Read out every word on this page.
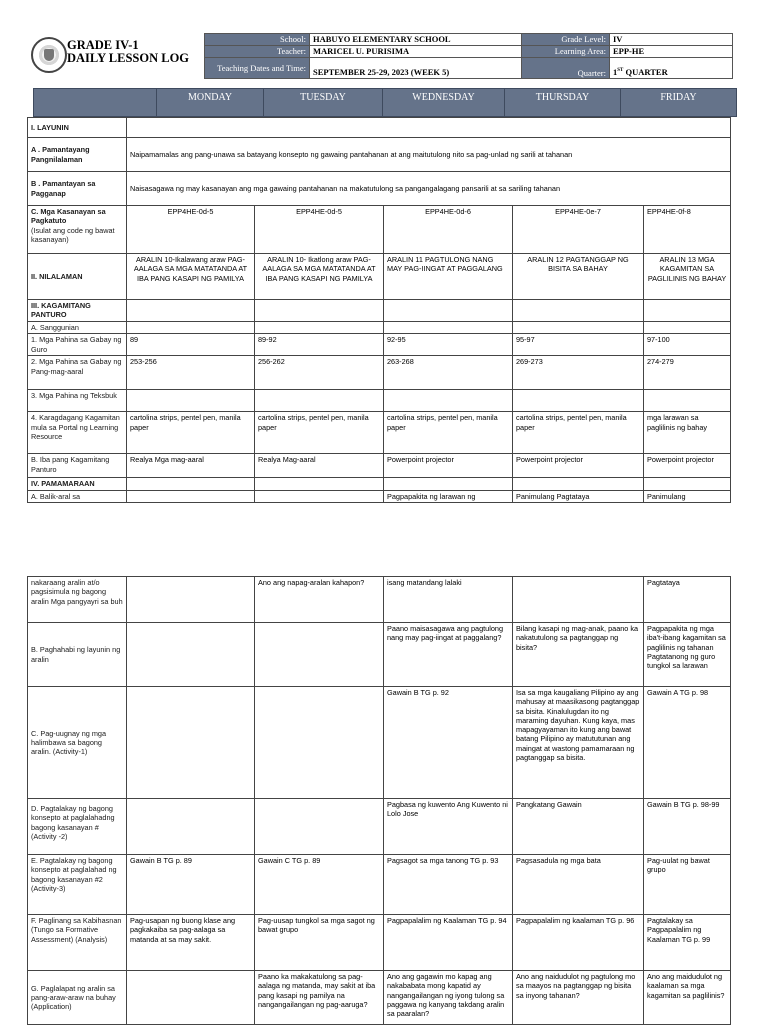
GRADE IV-1
DAILY LESSON LOG
School:	HABUYO ELEMENTARY SCHOOL
Teacher:	MARICEL U. PURISIMA
Teaching Dates and Time:	SEPTEMBER 25-29, 2023 (WEEK 5)
Grade Level:	IV
Learning Area:	EPP-HE
Quarter:	1ST QUARTER
	MONDAY	TUESDAY	WEDNESDAY	THURSDAY	FRIDAY
I. LAYUNIN					
A . Pamantayang Pangnilalaman	Naipamamalas ang pang-unawa sa batayang konsepto ng gawaing pantahanan at ang maitutulong nito sa pag-unlad ng sarili at tahanan				
B . Pamantayan sa Pagganap	Naisasagawa ng may kasanayan ang mga gawaing pantahanan na makatutulong sa pangangalagang pansarili at sa sariling tahanan				
C. Mga Kasanayan sa Pagkatuto
(Isulat ang code ng bawat kasanayan)	EPP4HE-0d-5	EPP4HE-0d-5	EPP4HE-0d-6	EPP4HE-0e-7	EPP4HE-0f-8
II. NILALAMAN	ARALIN 10-Ikalawang araw PAG-AALAGA SA MGA MATATANDA AT IBA PANG KASAPI NG PAMILYA	ARALIN 10- Ikatlong araw PAG-AALAGA SA MGA MATATANDA AT IBA PANG KASAPI NG PAMILYA	ARALIN 11 PAGTULONG NANG MAY PAG-IINGAT AT PAGGALANG	ARALIN 12 PAGTANGGAP NG BISITA SA BAHAY	ARALIN 13 MGA KAGAMITAN SA PAGLILINIS NG BAHAY
III. KAGAMITANG PANTURO					
A. Sanggunian					
1. Mga Pahina sa Gabay ng Guro	89	89-92	92-95	95-97	97-100
2. Mga Pahina sa Gabay ng Pang-mag-aaral	253-256	256-262	263-268	269-273	274-279
3. Mga Pahina ng Teksbuk					
4. Karagdagang Kagamitan mula sa Portal ng Learning Resource	cartolina strips, pentel pen, manila paper	cartolina strips, pentel pen, manila paper	cartolina strips, pentel pen, manila paper	cartolina strips, pentel pen, manila paper	mga larawan sa paglilinis ng bahay
B. Iba pang Kagamitang Panturo	Realya Mga mag-aaral	Realya Mag-aaral	Powerpoint projector	Powerpoint projector	Powerpoint projector
IV. PAMAMARAAN					
A. Balik-aral sa			Pagpapakita ng larawan ng	Panimulang Pagtataya	Panimulang
nakaraang aralin at/o pagsisimula ng bagong aralin Mga pangyayri sa buh		Ano ang napag-aralan kahapon?	isang matandang lalaki		Pagtataya
B. Paghahabi ng layunin ng aralin			Paano maisasagawa ang pagtulong nang may pag-iingat at paggalang?	Bilang kasapi ng mag-anak, paano ka nakatutulong sa pagtanggap ng bisita?	Pagpapakita ng mga iba't-ibang kagamitan sa paglilinis ng tahanan Pagtatanong ng guro tungkol sa larawan
C. Pag-uugnay ng mga halimbawa sa bagong aralin. (Activity-1)			Gawain B TG p. 92	Isa sa mga kaugaliang Pilipino ay ang mahusay at maasikasong pagtanggap sa bisita. Kinalulugdan ito ng maraming dayuhan. Kung kaya, mas mapagyayaman ito kung ang bawat batang Pilipino ay matututunan ang maingat at wastong pamamaraan ng pagtanggap sa bisita.	Gawain A TG p. 98
D. Pagtalakay ng bagong konsepto at paglalahadng bagong kasanayan #(Activity -2)			Pagbasa ng kuwento Ang Kuwento ni Lolo Jose	Pangkatang Gawain	Gawain B TG p. 98-99
E. Pagtalakay ng bagong konsepto at paglalahad ng bagong kasanayan #2 (Activity-3)	Gawain B TG p. 89	Gawain C TG p. 89	Pagsagot sa mga tanong TG p. 93	Pagsasadula ng mga bata	Pag-uulat ng bawat grupo
F. Paglinang sa Kabihasnan (Tungo sa Formative Assessment) (Analysis)	Pag-usapan ng buong klase ang pagkakaiba sa pag-aalaga sa matanda at sa may sakit.	Pag-uusap tungkol sa mga sagot ng bawat grupo	Pagpapalalim ng Kaalaman TG p. 94	Pagpapalalim ng kaalaman TG p. 96	Pagtalakay sa Pagpapalalim ng Kaalaman TG p. 99
G. Paglalapat ng aralin sa pang-araw-araw na buhay (Application)		Paano ka makakatulong sa pag-aalaga ng matanda, may sakit at iba pang kasapi ng pamilya na nangangailangan ng pag-aaruga?	Ano ang gagawin mo kapag ang nakababata mong kapatid ay nangangailangan ng iyong tulong sa paggawa ng kanyang takdang aralin sa paaralan?	Ano ang naidudulot ng pagtulong mo sa maayos na pagtanggap ng bisita sa inyong tahanan?	Ano ang maidudulot ng kaalaman sa mga kagamitan sa paglilinis?
